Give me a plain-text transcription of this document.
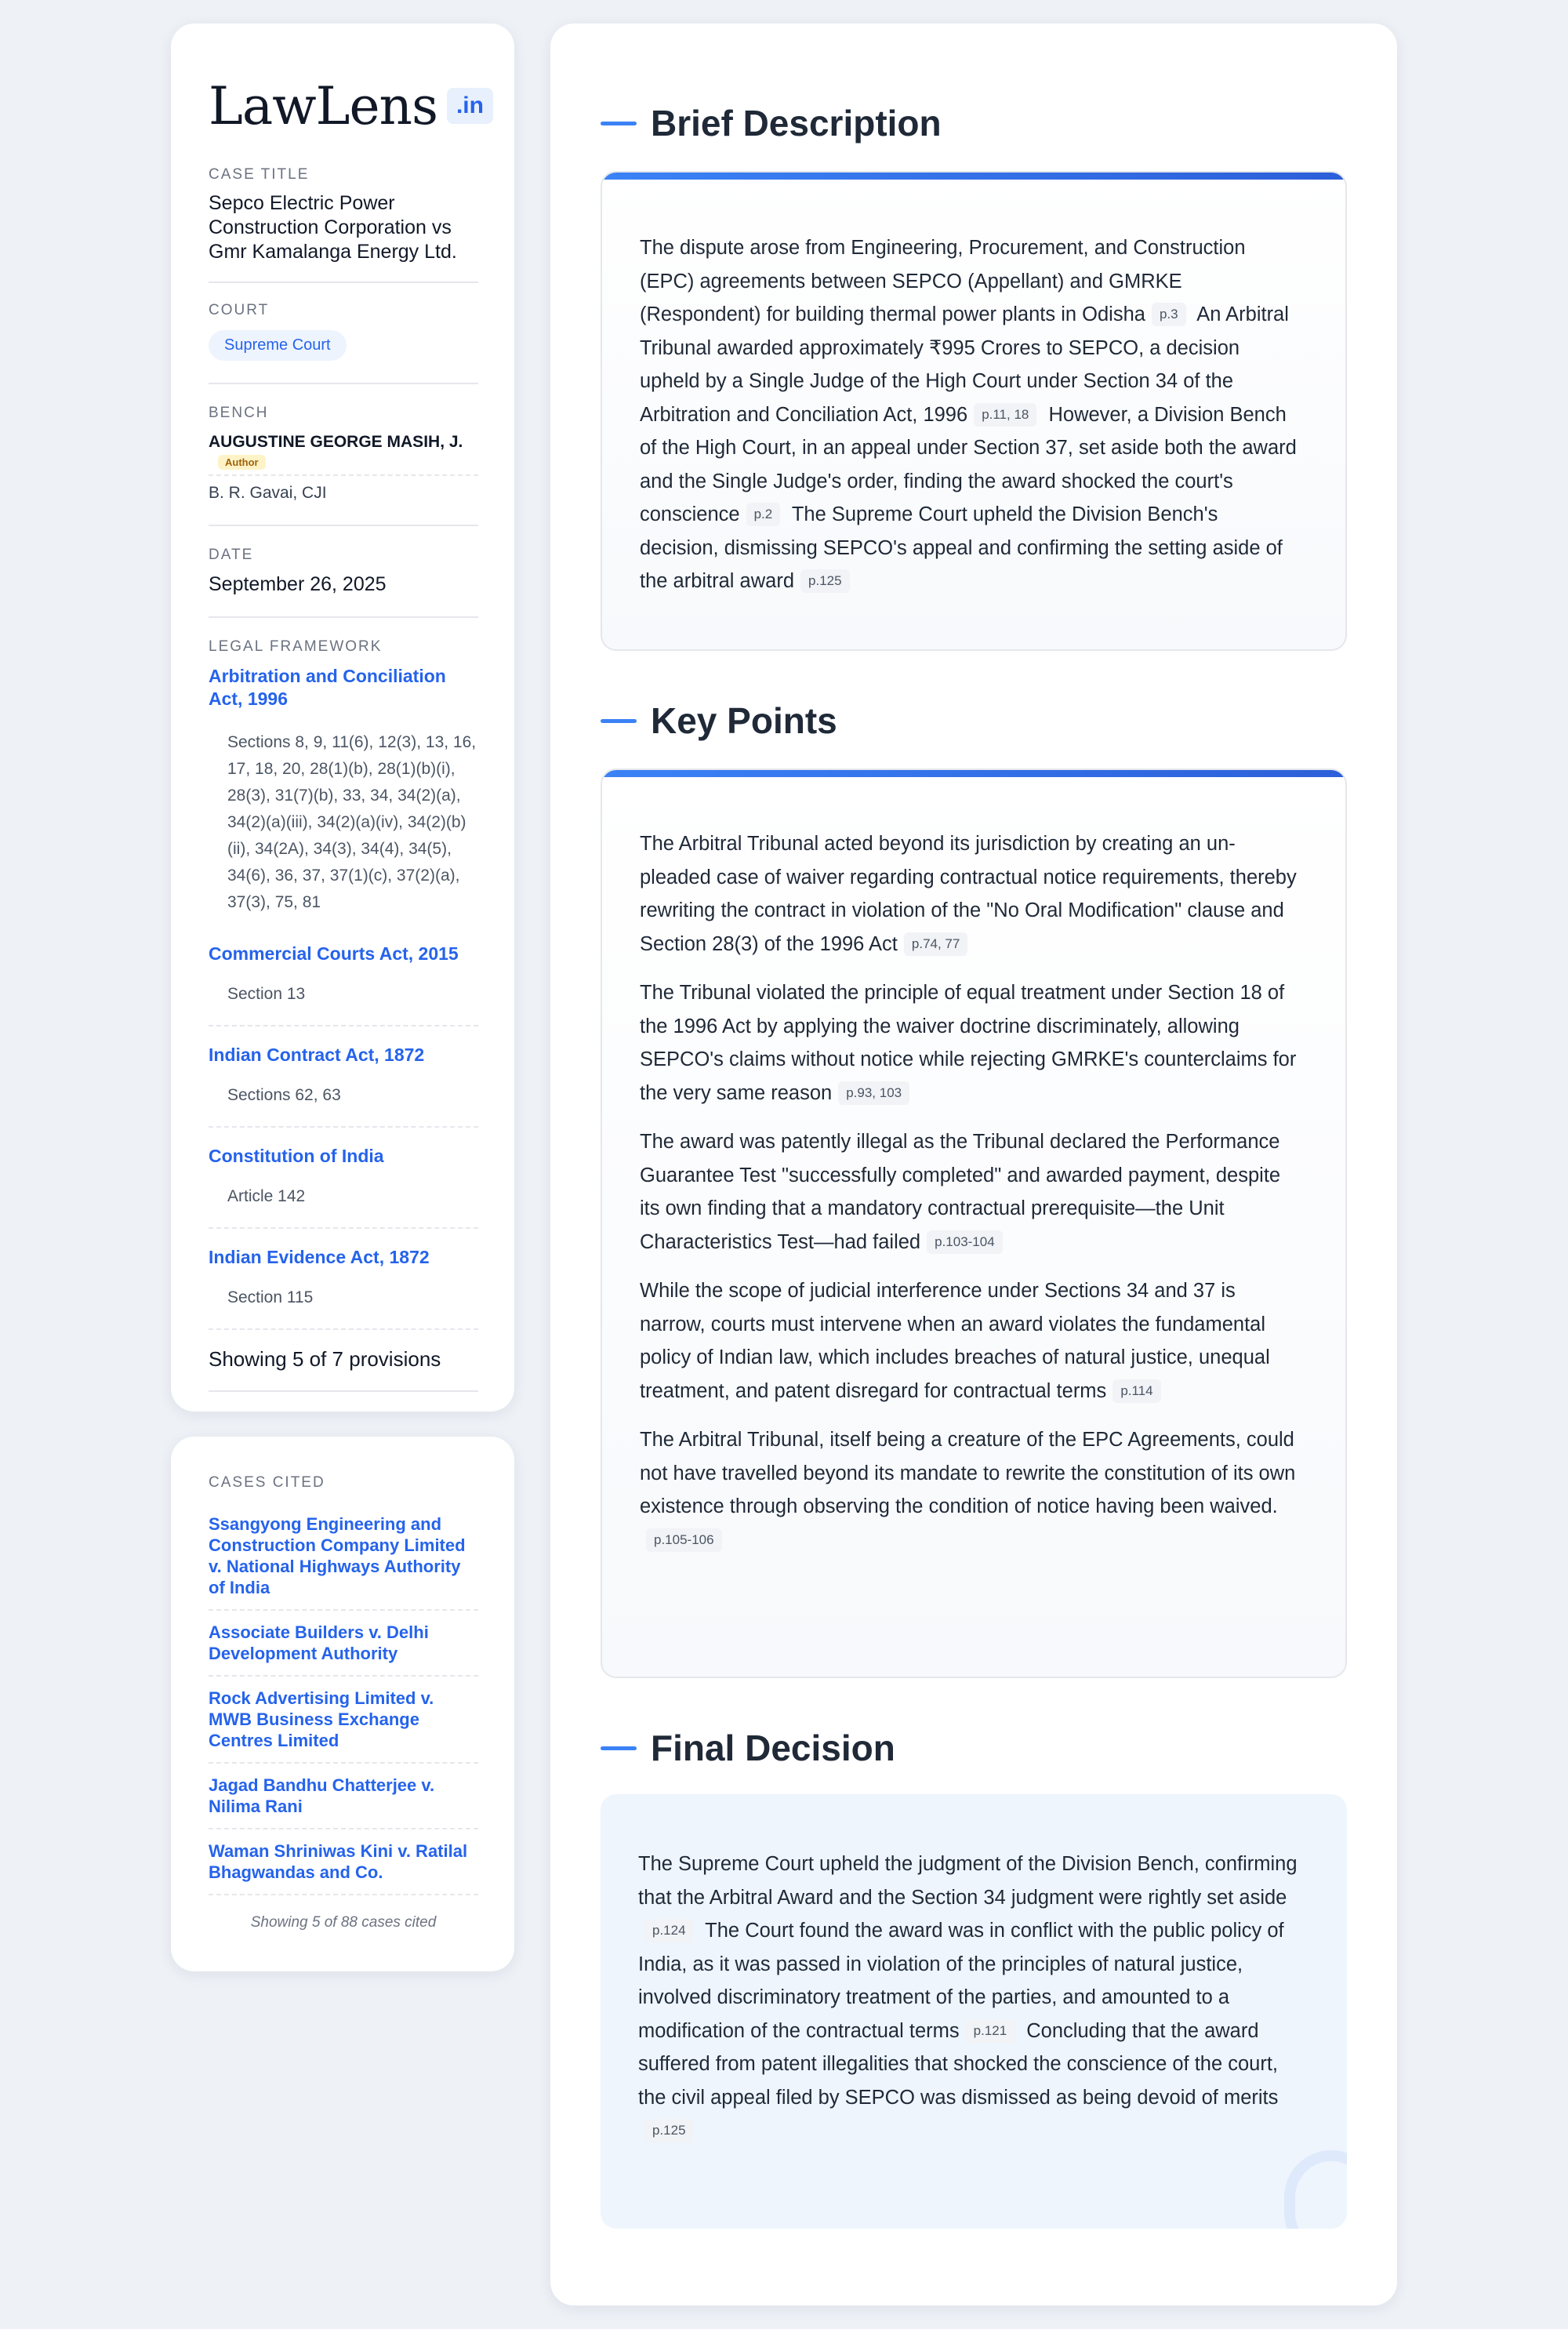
LawLens .in
CASE TITLE
Sepco Electric Power Construction Corporation vs Gmr Kamalanga Energy Ltd.
COURT
Supreme Court
BENCH
AUGUSTINE GEORGE MASIH, J.
Author
B. R. Gavai, CJI
DATE
September 26, 2025
LEGAL FRAMEWORK
Arbitration and Conciliation Act, 1996
Sections 8, 9, 11(6), 12(3), 13, 16, 17, 18, 20, 28(1)(b), 28(1)(b)(i), 28(3), 31(7)(b), 33, 34, 34(2)(a), 34(2)(a)(iii), 34(2)(a)(iv), 34(2)(b)(ii), 34(2A), 34(3), 34(4), 34(5), 34(6), 36, 37, 37(1)(c), 37(2)(a), 37(3), 75, 81
Commercial Courts Act, 2015
Section 13
Indian Contract Act, 1872
Sections 62, 63
Constitution of India
Article 142
Indian Evidence Act, 1872
Section 115
Showing 5 of 7 provisions
CASES CITED
Ssangyong Engineering and Construction Company Limited v. National Highways Authority of India
Associate Builders v. Delhi Development Authority
Rock Advertising Limited v. MWB Business Exchange Centres Limited
Jagad Bandhu Chatterjee v. Nilima Rani
Waman Shriniwas Kini v. Ratilal Bhagwandas and Co.
Showing 5 of 88 cases cited
Brief Description
The dispute arose from Engineering, Procurement, and Construction (EPC) agreements between SEPCO (Appellant) and GMRKE (Respondent) for building thermal power plants in Odisha p.3 An Arbitral Tribunal awarded approximately ₹995 Crores to SEPCO, a decision upheld by a Single Judge of the High Court under Section 34 of the Arbitration and Conciliation Act, 1996 p.11, 18 However, a Division Bench of the High Court, in an appeal under Section 37, set aside both the award and the Single Judge's order, finding the award shocked the court's conscience p.2 The Supreme Court upheld the Division Bench's decision, dismissing SEPCO's appeal and confirming the setting aside of the arbitral award p.125
Key Points
The Arbitral Tribunal acted beyond its jurisdiction by creating an un-pleaded case of waiver regarding contractual notice requirements, thereby rewriting the contract in violation of the "No Oral Modification" clause and Section 28(3) of the 1996 Act p.74, 77
The Tribunal violated the principle of equal treatment under Section 18 of the 1996 Act by applying the waiver doctrine discriminately, allowing SEPCO's claims without notice while rejecting GMRKE's counterclaims for the very same reason p.93, 103
The award was patently illegal as the Tribunal declared the Performance Guarantee Test "successfully completed" and awarded payment, despite its own finding that a mandatory contractual prerequisite—the Unit Characteristics Test—had failed p.103-104
While the scope of judicial interference under Sections 34 and 37 is narrow, courts must intervene when an award violates the fundamental policy of Indian law, which includes breaches of natural justice, unequal treatment, and patent disregard for contractual terms p.114
The Arbitral Tribunal, itself being a creature of the EPC Agreements, could not have travelled beyond its mandate to rewrite the constitution of its own existence through observing the condition of notice having been waived.p.105-106
Final Decision
The Supreme Court upheld the judgment of the Division Bench, confirming that the Arbitral Award and the Section 34 judgment were rightly set asidep.124 The Court found the award was in conflict with the public policy of India, as it was passed in violation of the principles of natural justice, involved discriminatory treatment of the parties, and amounted to a modification of the contractual terms p.121 Concluding that the award suffered from patent illegalities that shocked the conscience of the court, the civil appeal filed by SEPCO was dismissed as being devoid of meritsp.125
